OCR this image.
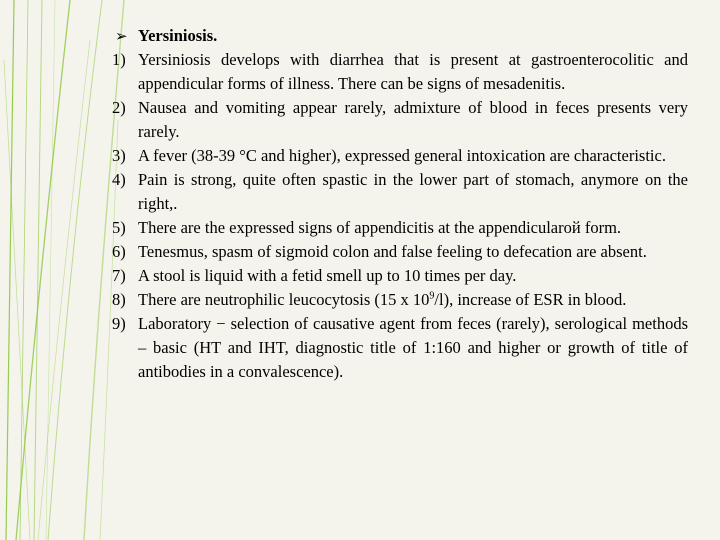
➢ Yersiniosis.
1) Yersiniosis develops with diarrhea that is present at gastroenterocolitic and appendicular forms of illness. There can be signs of mesadenitis.
2) Nausea and vomiting appear rarely, admixture of blood in feces presents very rarely.
3) A fever (38-39 °C and higher), expressed general intoxication are characteristic.
4) Pain is strong, quite often spastic in the lower part of stomach, anymore on the right,.
5) There are the expressed signs of appendicitis at the appendicularой form.
6) Tenesmus, spasm of sigmoid colon and false feeling to defecation are absent.
7) A stool is liquid with a fetid smell up to 10 times per day.
8) There are neutrophilic leucocytosis (15 x $10^9/l$), increase of ESR in blood.
9) Laboratory − selection of causative agent from feces (rarely), serological methods – basic (HT and IHT, diagnostic title of 1:160 and higher or growth of title of antibodies in a convalescence).
